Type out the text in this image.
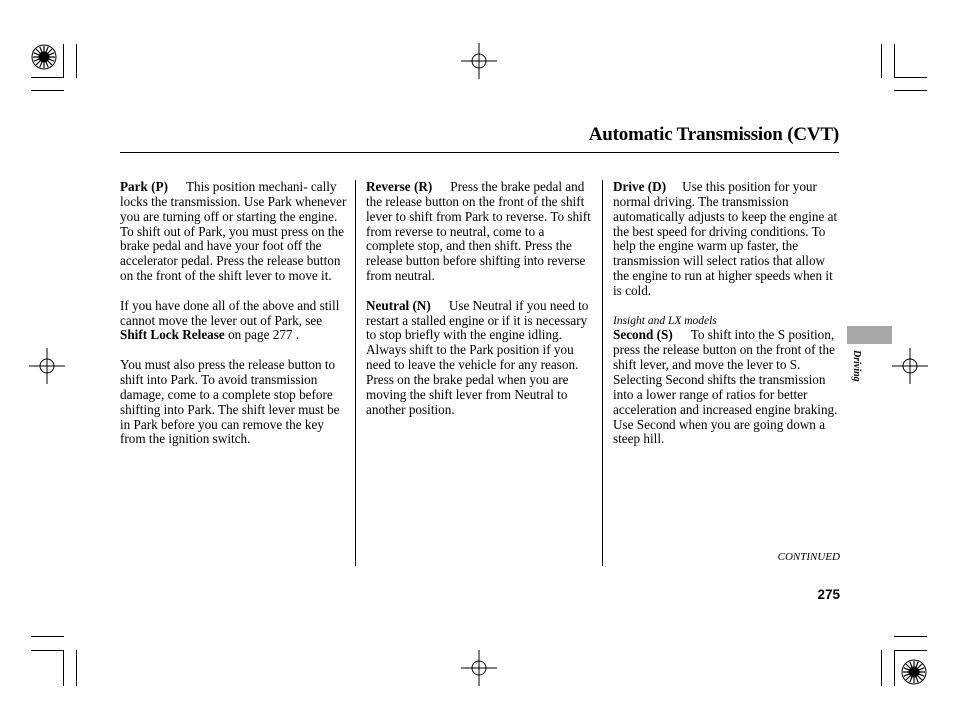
Automatic Transmission (CVT)

Park (P) This position mechani- cally locks the transmission. Use Park whenever you are turning off or starting the engine. To shift out of Park, you must press on the brake pedal and have your foot off the accelerator pedal. Press the release button on the front of the shift lever to move it.

If you have done all of the above and still cannot move the lever out of Park, see Shift Lock Release on page 277 .

You must also press the release button to shift into Park. To avoid transmission damage, come to a complete stop before shifting into Park. The shift lever must be in Park before you can remove the key from the ignition switch.

Reverse (R) Press the brake pedal and the release button on the front of the shift lever to shift from Park to reverse. To shift from reverse to neutral, come to a complete stop, and then shift. Press the release button before shifting into reverse from neutral.

Neutral (N) Use Neutral if you need to restart a stalled engine or if it is necessary to stop briefly with the engine idling. Always shift to the Park position if you need to leave the vehicle for any reason. Press on the brake pedal when you are moving the shift lever from Neutral to another position.

Drive (D) Use this position for your normal driving. The transmission automatically adjusts to keep the engine at the best speed for driving conditions. To help the engine warm up faster, the transmission will select ratios that allow the engine to run at higher speeds when it is cold.

Insight and LX models

Second (S) To shift into the S position, press the release button on the front of the shift lever, and move the lever to S. Selecting Second shifts the transmission into a lower range of ratios for better acceleration and increased engine braking. Use Second when you are going down a steep hill.

Driving
CONTINUED
275
